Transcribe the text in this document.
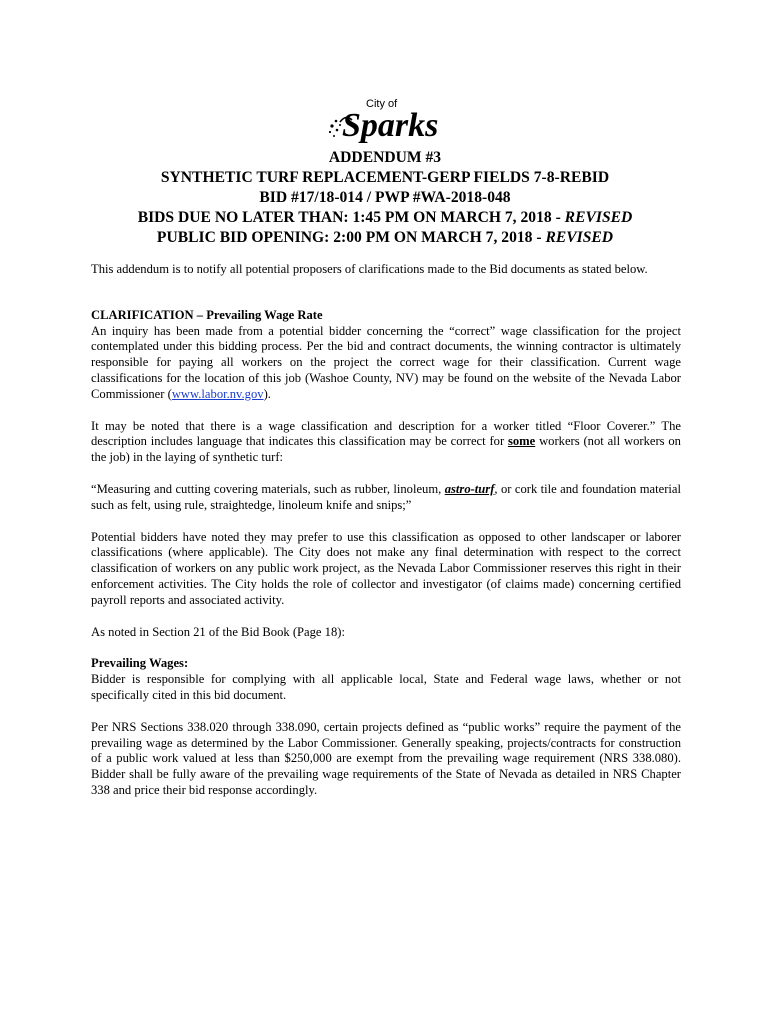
City of
Sparks
ADDENDUM #3
SYNTHETIC TURF REPLACEMENT-GERP FIELDS 7-8-REBID
BID #17/18-014 / PWP #WA-2018-048
BIDS DUE NO LATER THAN: 1:45 PM ON MARCH 7, 2018 - REVISED
PUBLIC BID OPENING: 2:00 PM ON MARCH 7, 2018 - REVISED

This addendum is to notify all potential proposers of clarifications made to the Bid documents as stated below.

CLARIFICATION – Prevailing Wage Rate

An inquiry has been made from a potential bidder concerning the “correct” wage classification for the project contemplated under this bidding process. Per the bid and contract documents, the winning contractor is ultimately responsible for paying all workers on the project the correct wage for their classification. Current wage classifications for the location of this job (Washoe County, NV) may be found on the website of the Nevada Labor Commissioner (www.labor.nv.gov).

It may be noted that there is a wage classification and description for a worker titled “Floor Coverer.” The description includes language that indicates this classification may be correct for some workers (not all workers on the job) in the laying of synthetic turf:

“Measuring and cutting covering materials, such as rubber, linoleum, astro-turf, or cork tile and foundation material such as felt, using rule, straightedge, linoleum knife and snips;”

Potential bidders have noted they may prefer to use this classification as opposed to other landscaper or laborer classifications (where applicable). The City does not make any final determination with respect to the correct classification of workers on any public work project, as the Nevada Labor Commissioner reserves this right in their enforcement activities. The City holds the role of collector and investigator (of claims made) concerning certified payroll reports and associated activity.

As noted in Section 21 of the Bid Book (Page 18):

Prevailing Wages:

Bidder is responsible for complying with all applicable local, State and Federal wage laws, whether or not specifically cited in this bid document.

Per NRS Sections 338.020 through 338.090, certain projects defined as “public works” require the payment of the prevailing wage as determined by the Labor Commissioner. Generally speaking, projects/contracts for construction of a public work valued at less than $250,000 are exempt from the prevailing wage requirement (NRS 338.080). Bidder shall be fully aware of the prevailing wage requirements of the State of Nevada as detailed in NRS Chapter 338 and price their bid response accordingly.
